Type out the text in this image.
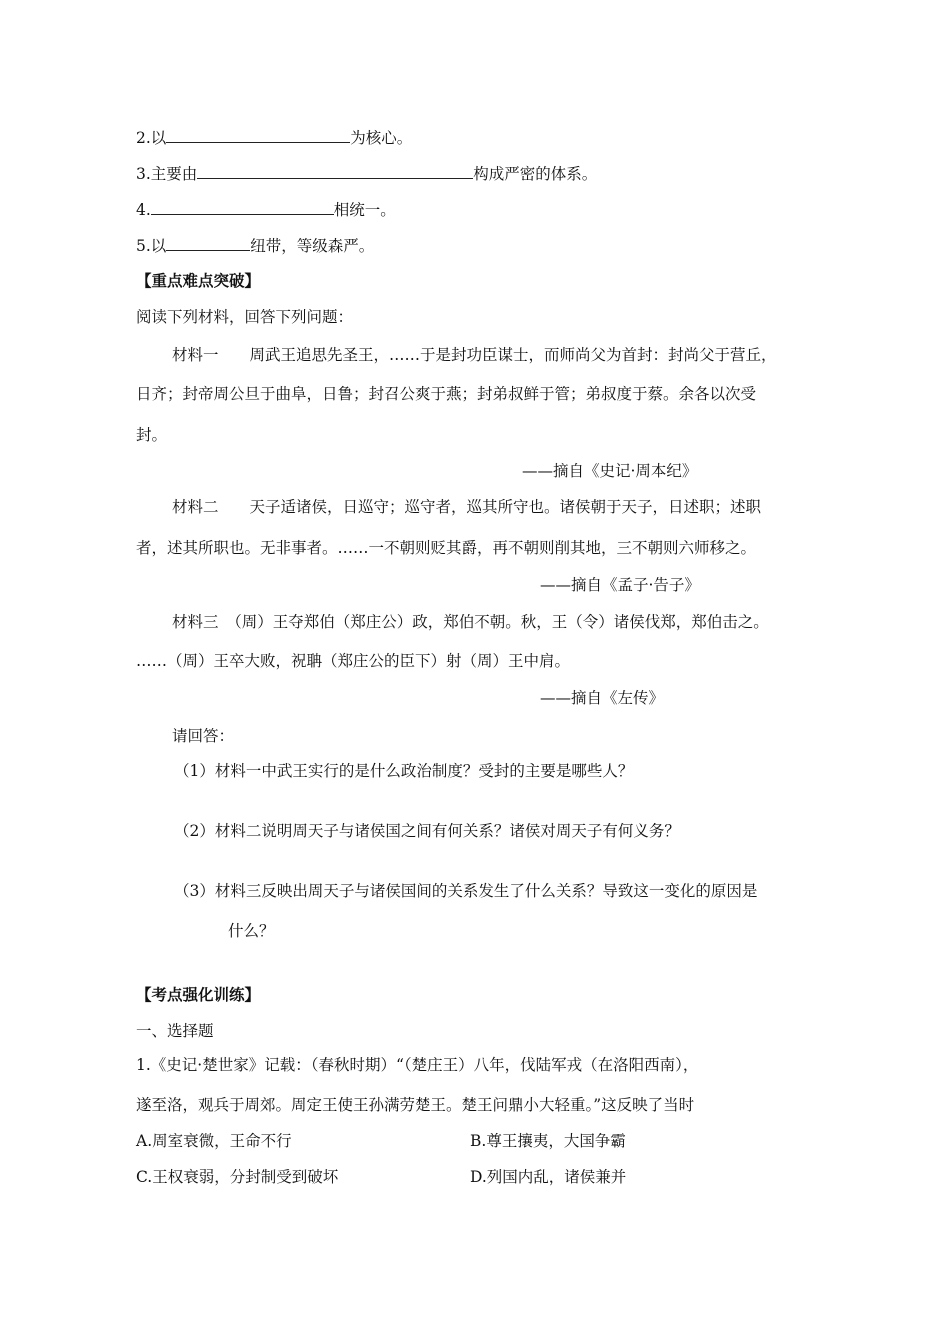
2.以	为核心。
3.主要由	构成严密的体系。
4.	相统一。
5.以	纽带，等级森严。
【重点难点突破】
阅读下列材料，回答下列问题：
材料一　　周武王追思先圣王，……于是封功臣谋士，而师尚父为首封：封尚父于营丘，
日齐；封帝周公旦于曲阜，日鲁；封召公爽于燕；封弟叔鲜于管；弟叔度于蔡。余各以次受
封。
——摘自《史记·周本纪》
材料二　　天子适诸侯，日巡守；巡守者，巡其所守也。诸侯朝于天子，日述职；述职
者，述其所职也。无非事者。……一不朝则贬其爵，再不朝则削其地，三不朝则六师移之。
——摘自《孟子·告子》
材料三　（周）王夺郑伯（郑庄公）政，郑伯不朝。秋，王（令）诸侯伐郑，郑伯击之。
……（周）王卒大败，祝聃（郑庄公的臣下）射（周）王中肩。
——摘自《左传》
请回答：
（1）材料一中武王实行的是什么政治制度？受封的主要是哪些人？
（2）材料二说明周天子与诸侯国之间有何关系？诸侯对周天子有何义务？
（3）材料三反映出周天子与诸侯国间的关系发生了什么关系？导致这一变化的原因是
什么？
【考点强化训练】
一、选择题
1.《史记·楚世家》记载：（春秋时期）“（楚庄王）八年，伐陆军戎（在洛阳西南），
遂至洛，观兵于周郊。周定王使王孙满劳楚王。楚王问鼎小大轻重。”这反映了当时
A.周室衰微，王命不行	B.尊王攘夷，大国争霸
C.王权衰弱，分封制受到破坏	D.列国内乱，诸侯兼并
